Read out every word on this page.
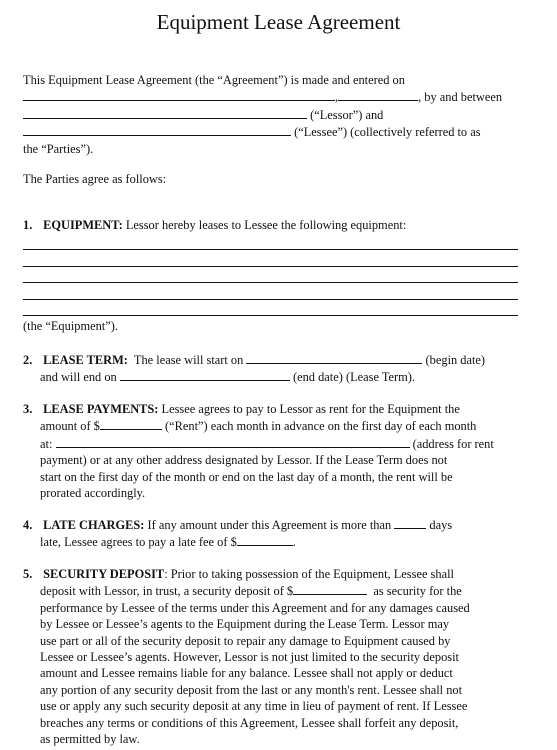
Equipment Lease Agreement
This Equipment Lease Agreement (the “Agreement”) is made and entered on
,	, by and between
(“Lessor”) and
(“Lessee”) (collectively referred to as
the “Parties”).
The Parties agree as follows:
1. EQUIPMENT: Lessor hereby leases to Lessee the following equipment:
(the “Equipment”).
2. LEASE TERM: The lease will start on	(begin date)
and will end on	(end date) (Lease Term).
3. LEASE PAYMENTS: Lessee agrees to pay to Lessor as rent for the Equipment the
amount of $	(“Rent”) each month in advance on the first day of each month
at:	(address for rent
payment) or at any other address designated by Lessor. If the Lease Term does not
start on the first day of the month or end on the last day of a month, the rent will be
prorated accordingly.
4. LATE CHARGES: If any amount under this Agreement is more than	days
late, Lessee agrees to pay a late fee of $	.
5. SECURITY DEPOSIT: Prior to taking possession of the Equipment, Lessee shall
deposit with Lessor, in trust, a security deposit of $	as security for the
performance by Lessee of the terms under this Agreement and for any damages caused
by Lessee or Lessee’s agents to the Equipment during the Lease Term. Lessor may
use part or all of the security deposit to repair any damage to Equipment caused by
Lessee or Lessee’s agents. However, Lessor is not just limited to the security deposit
amount and Lessee remains liable for any balance. Lessee shall not apply or deduct
any portion of any security deposit from the last or any month's rent. Lessee shall not
use or apply any such security deposit at any time in lieu of payment of rent. If Lessee
breaches any terms or conditions of this Agreement, Lessee shall forfeit any deposit,
as permitted by law.
